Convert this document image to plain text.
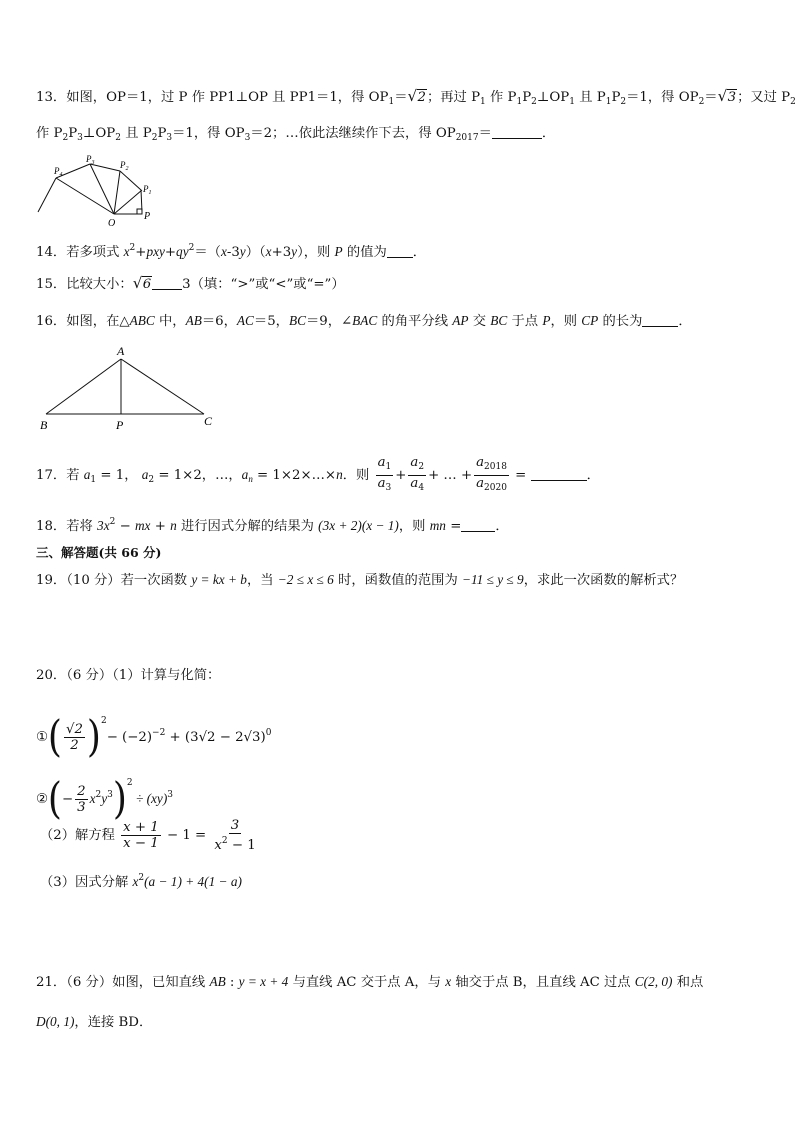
13．如图，OP＝1，过 P 作 PP1⊥OP 且 PP1＝1，得 $OP_1=√$ 2；再过 $P_1$ 作 $P_1P_2\perp OP_1$ 且 $P_1P_2=1$，得 $OP_2=√$ 3；又过 $P_2$
作 $P_2P_3\perp OP_2$ 且 $P_2P_3=1$，得 $OP_3=2$；…依此法继续作下去，得 $OP_{2017}=$	．
$P_4$
$P_3$	$P_2$
$P_1$
P
O
14．若多项式 $x^2+pxy+qy^2=(x-3y)(x+3y)$，则 P 的值为 ．
15．比较大小：√ 6 3（填：“>”或“<”或“=”）
16．如图，在△ABC 中，AB＝6，AC＝5，BC＝9，∠BAC 的角平分线 AP 交 BC 于点 P，则 CP 的长为	．
A
B	P	C
17．若 $a_1 = 1$， $a_2 = 1\times 2$，…，$a_n$ = 1×2×…×n．则 $\frac{a_1}{a_3} + \frac{a_2}{a_4}$ + … + $\frac{a_{2018}}{a_{2020}}$ =	．
18．若将 $3x^2$ − mx + n 进行因式分解的结果为 (3x + 2)(x − 1)，则 mn =	．
三、解答题(共 66 分)
19．（10 分）若一次函数 y = kx + b，当 −2 ≤ x ≤ 6 时，函数值的范围为 −11 ≤ y ≤ 9，求此一次函数的解析式？
20．（6 分）（1）计算与化简：
①( $\frac{√2}{2} )^2- (-2)^{-2} + (3√2 - 2√3)^0$
②(− $\frac{2}{3} x^2y^3)^2 \div (xy)^3$
（2）解方程 $\frac{x + 1}{x - 1} - 1 = \frac{3}{x^2 - 1}$
（3）因式分解 $x^2(a - 1) + 4(1 - a)$
21．（6 分）如图，已知直线 AB : y = x + 4 与直线 AC 交于点 A，与 x 轴交于点 B，且直线 AC 过点 C(2, 0) 和点
D(0, 1)，连接 BD．
